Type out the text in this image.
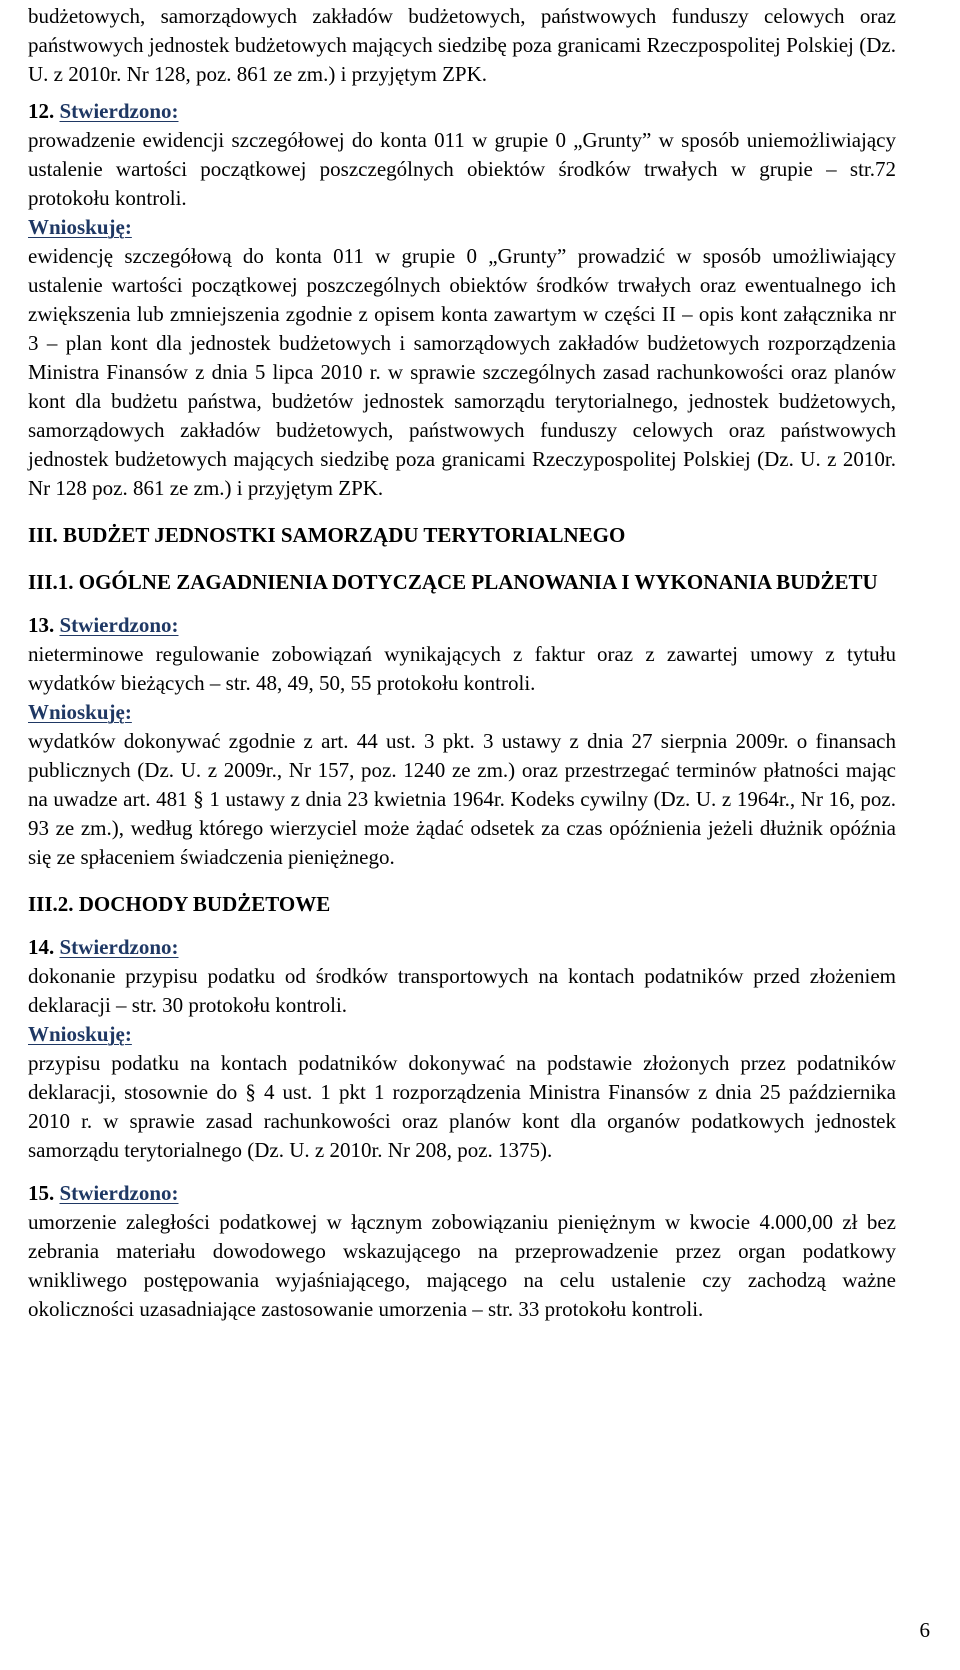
budżetowych, samorządowych zakładów budżetowych, państwowych funduszy celowych oraz państwowych jednostek budżetowych mających siedzibę poza granicami Rzeczpospolitej Polskiej (Dz. U. z 2010r. Nr 128, poz. 861 ze zm.) i przyjętym ZPK.

12. Stwierdzono:

prowadzenie ewidencji szczegółowej do konta 011 w grupie 0 „Grunty” w sposób uniemożliwiający ustalenie wartości początkowej poszczególnych obiektów środków trwałych w grupie – str.72 protokołu kontroli.

Wnioskuję:

ewidencję szczegółową do konta 011 w grupie 0 „Grunty” prowadzić w sposób umożliwiający ustalenie wartości początkowej poszczególnych obiektów środków trwałych oraz ewentualnego ich zwiększenia lub zmniejszenia zgodnie z opisem konta zawartym w części II – opis kont załącznika nr 3 – plan kont dla jednostek budżetowych i samorządowych zakładów budżetowych rozporządzenia Ministra Finansów z dnia 5 lipca 2010 r. w sprawie szczególnych zasad rachunkowości oraz planów kont dla budżetu państwa, budżetów jednostek samorządu terytorialnego, jednostek budżetowych, samorządowych zakładów budżetowych, państwowych funduszy celowych oraz państwowych jednostek budżetowych mających siedzibę poza granicami Rzeczypospolitej Polskiej (Dz. U. z 2010r. Nr 128 poz. 861 ze zm.) i przyjętym ZPK.

III. BUDŻET JEDNOSTKI SAMORZĄDU TERYTORIALNEGO

III.1. OGÓLNE ZAGADNIENIA DOTYCZĄCE PLANOWANIA I WYKONANIA BUDŻETU

13. Stwierdzono:

nieterminowe regulowanie zobowiązań wynikających z faktur oraz z zawartej umowy z tytułu wydatków bieżących – str. 48, 49, 50, 55 protokołu kontroli.

Wnioskuję:

wydatków dokonywać zgodnie z art. 44 ust. 3 pkt. 3 ustawy z dnia 27 sierpnia 2009r. o finansach publicznych (Dz. U. z 2009r., Nr 157, poz. 1240 ze zm.) oraz przestrzegać terminów płatności mając na uwadze art. 481 § 1 ustawy z dnia 23 kwietnia 1964r. Kodeks cywilny (Dz. U. z 1964r., Nr 16, poz. 93 ze zm.), według którego wierzyciel może żądać odsetek za czas opóźnienia jeżeli dłużnik opóźnia się ze spłaceniem świadczenia pieniężnego.

III.2. DOCHODY BUDŻETOWE

14. Stwierdzono:

dokonanie przypisu podatku od środków transportowych na kontach podatników przed złożeniem deklaracji – str. 30 protokołu kontroli.

Wnioskuję:

przypisu podatku na kontach podatników dokonywać na podstawie złożonych przez podatników deklaracji, stosownie do § 4 ust. 1 pkt 1 rozporządzenia Ministra Finansów z dnia 25 października 2010 r. w sprawie zasad rachunkowości oraz planów kont dla organów podatkowych jednostek samorządu terytorialnego (Dz. U. z 2010r. Nr 208, poz. 1375).

15. Stwierdzono:

umorzenie zaległości podatkowej w łącznym zobowiązaniu pieniężnym w kwocie 4.000,00 zł bez zebrania materiału dowodowego wskazującego na przeprowadzenie przez organ podatkowy wnikliwego postępowania wyjaśniającego, mającego na celu ustalenie czy zachodzą ważne okoliczności uzasadniające zastosowanie umorzenia – str. 33 protokołu kontroli.

6
